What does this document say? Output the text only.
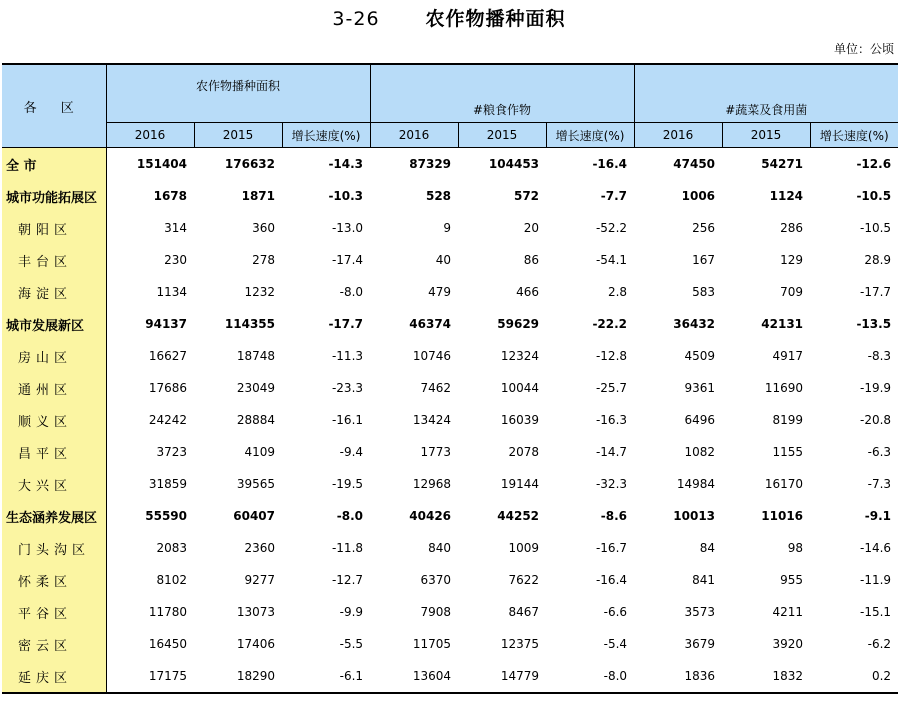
3-26 农作物播种面积
单位：公顷
各 区	农作物播种面积			#粮食作物			#蔬菜及食用菌		
	2016	2015	增长速度(%)	2016	2015	增长速度(%)	2016	2015	增长速度(%)
全 市	151404	176632	-14.3	87329	104453	-16.4	47450	54271	-12.6
城市功能拓展区	1678	1871	-10.3	528	572	-7.7	1006	1124	-10.5
朝阳区	314	360	-13.0	9	20	-52.2	256	286	-10.5
丰台区	230	278	-17.4	40	86	-54.1	167	129	28.9
海淀区	1134	1232	-8.0	479	466	2.8	583	709	-17.7
城市发展新区	94137	114355	-17.7	46374	59629	-22.2	36432	42131	-13.5
房山区	16627	18748	-11.3	10746	12324	-12.8	4509	4917	-8.3
通州区	17686	23049	-23.3	7462	10044	-25.7	9361	11690	-19.9
顺义区	24242	28884	-16.1	13424	16039	-16.3	6496	8199	-20.8
昌平区	3723	4109	-9.4	1773	2078	-14.7	1082	1155	-6.3
大兴区	31859	39565	-19.5	12968	19144	-32.3	14984	16170	-7.3
生态涵养发展区	55590	60407	-8.0	40426	44252	-8.6	10013	11016	-9.1
门头沟区	2083	2360	-11.8	840	1009	-16.7	84	98	-14.6
怀柔区	8102	9277	-12.7	6370	7622	-16.4	841	955	-11.9
平谷区	11780	13073	-9.9	7908	8467	-6.6	3573	4211	-15.1
密云区	16450	17406	-5.5	11705	12375	-5.4	3679	3920	-6.2
延庆区	17175	18290	-6.1	13604	14779	-8.0	1836	1832	0.2
